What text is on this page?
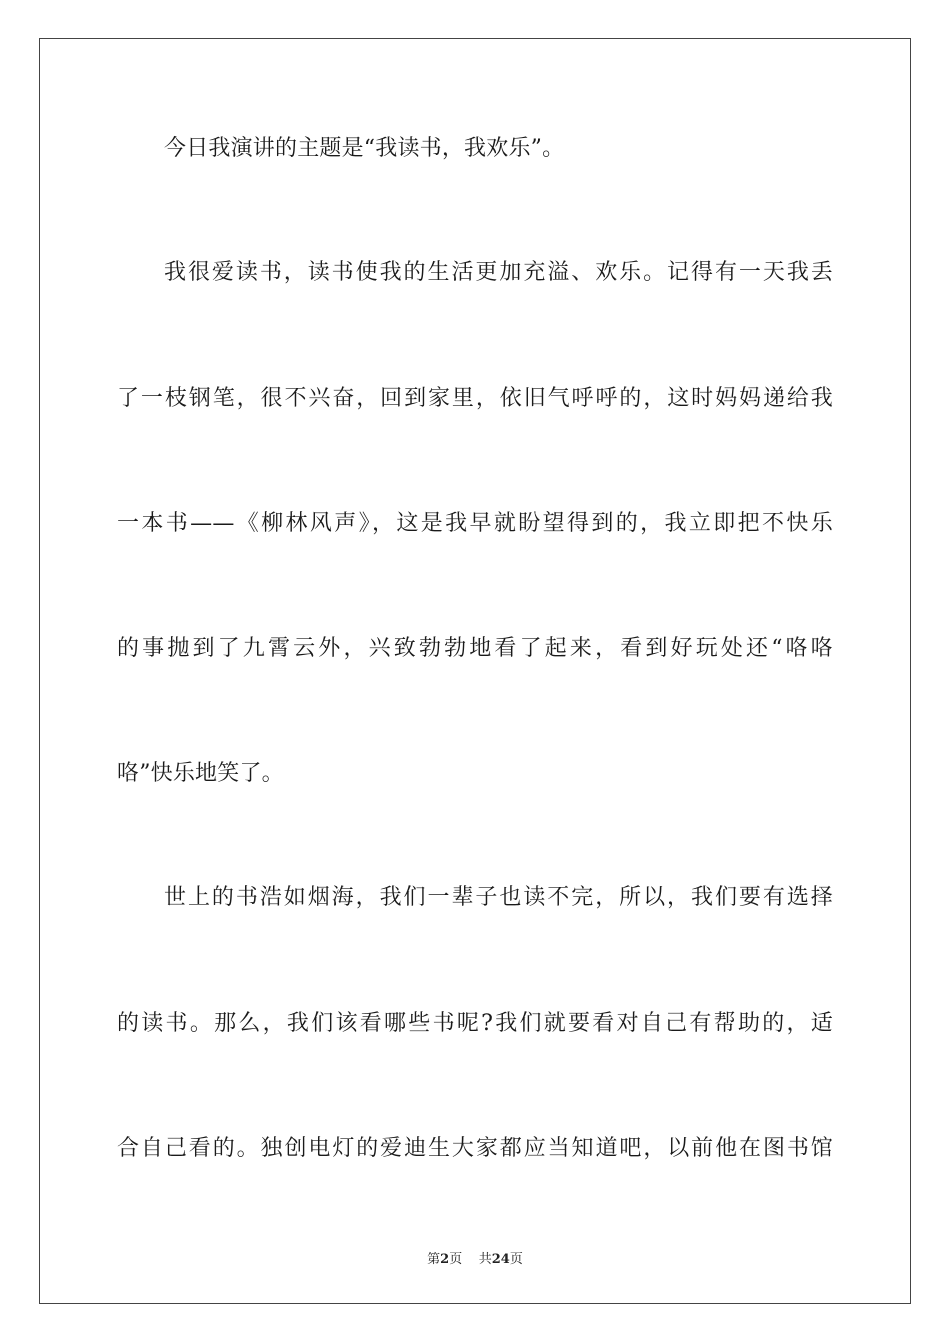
今日我演讲的主题是“我读书，我欢乐”。
我很爱读书，读书使我的生活更加充溢、欢乐。记得有一天我丢
了一枝钢笔，很不兴奋，回到家里，依旧气呼呼的，这时妈妈递给我
一本书——《柳林风声》，这是我早就盼望得到的，我立即把不快乐
的事抛到了九霄云外，兴致勃勃地看了起来，看到好玩处还“咯咯
咯”快乐地笑了。
世上的书浩如烟海，我们一辈子也读不完，所以，我们要有选择
的读书。那么，我们该看哪些书呢?我们就要看对自己有帮助的，适
合自己看的。独创电灯的爱迪生大家都应当知道吧，以前他在图书馆
第2页 共24页
